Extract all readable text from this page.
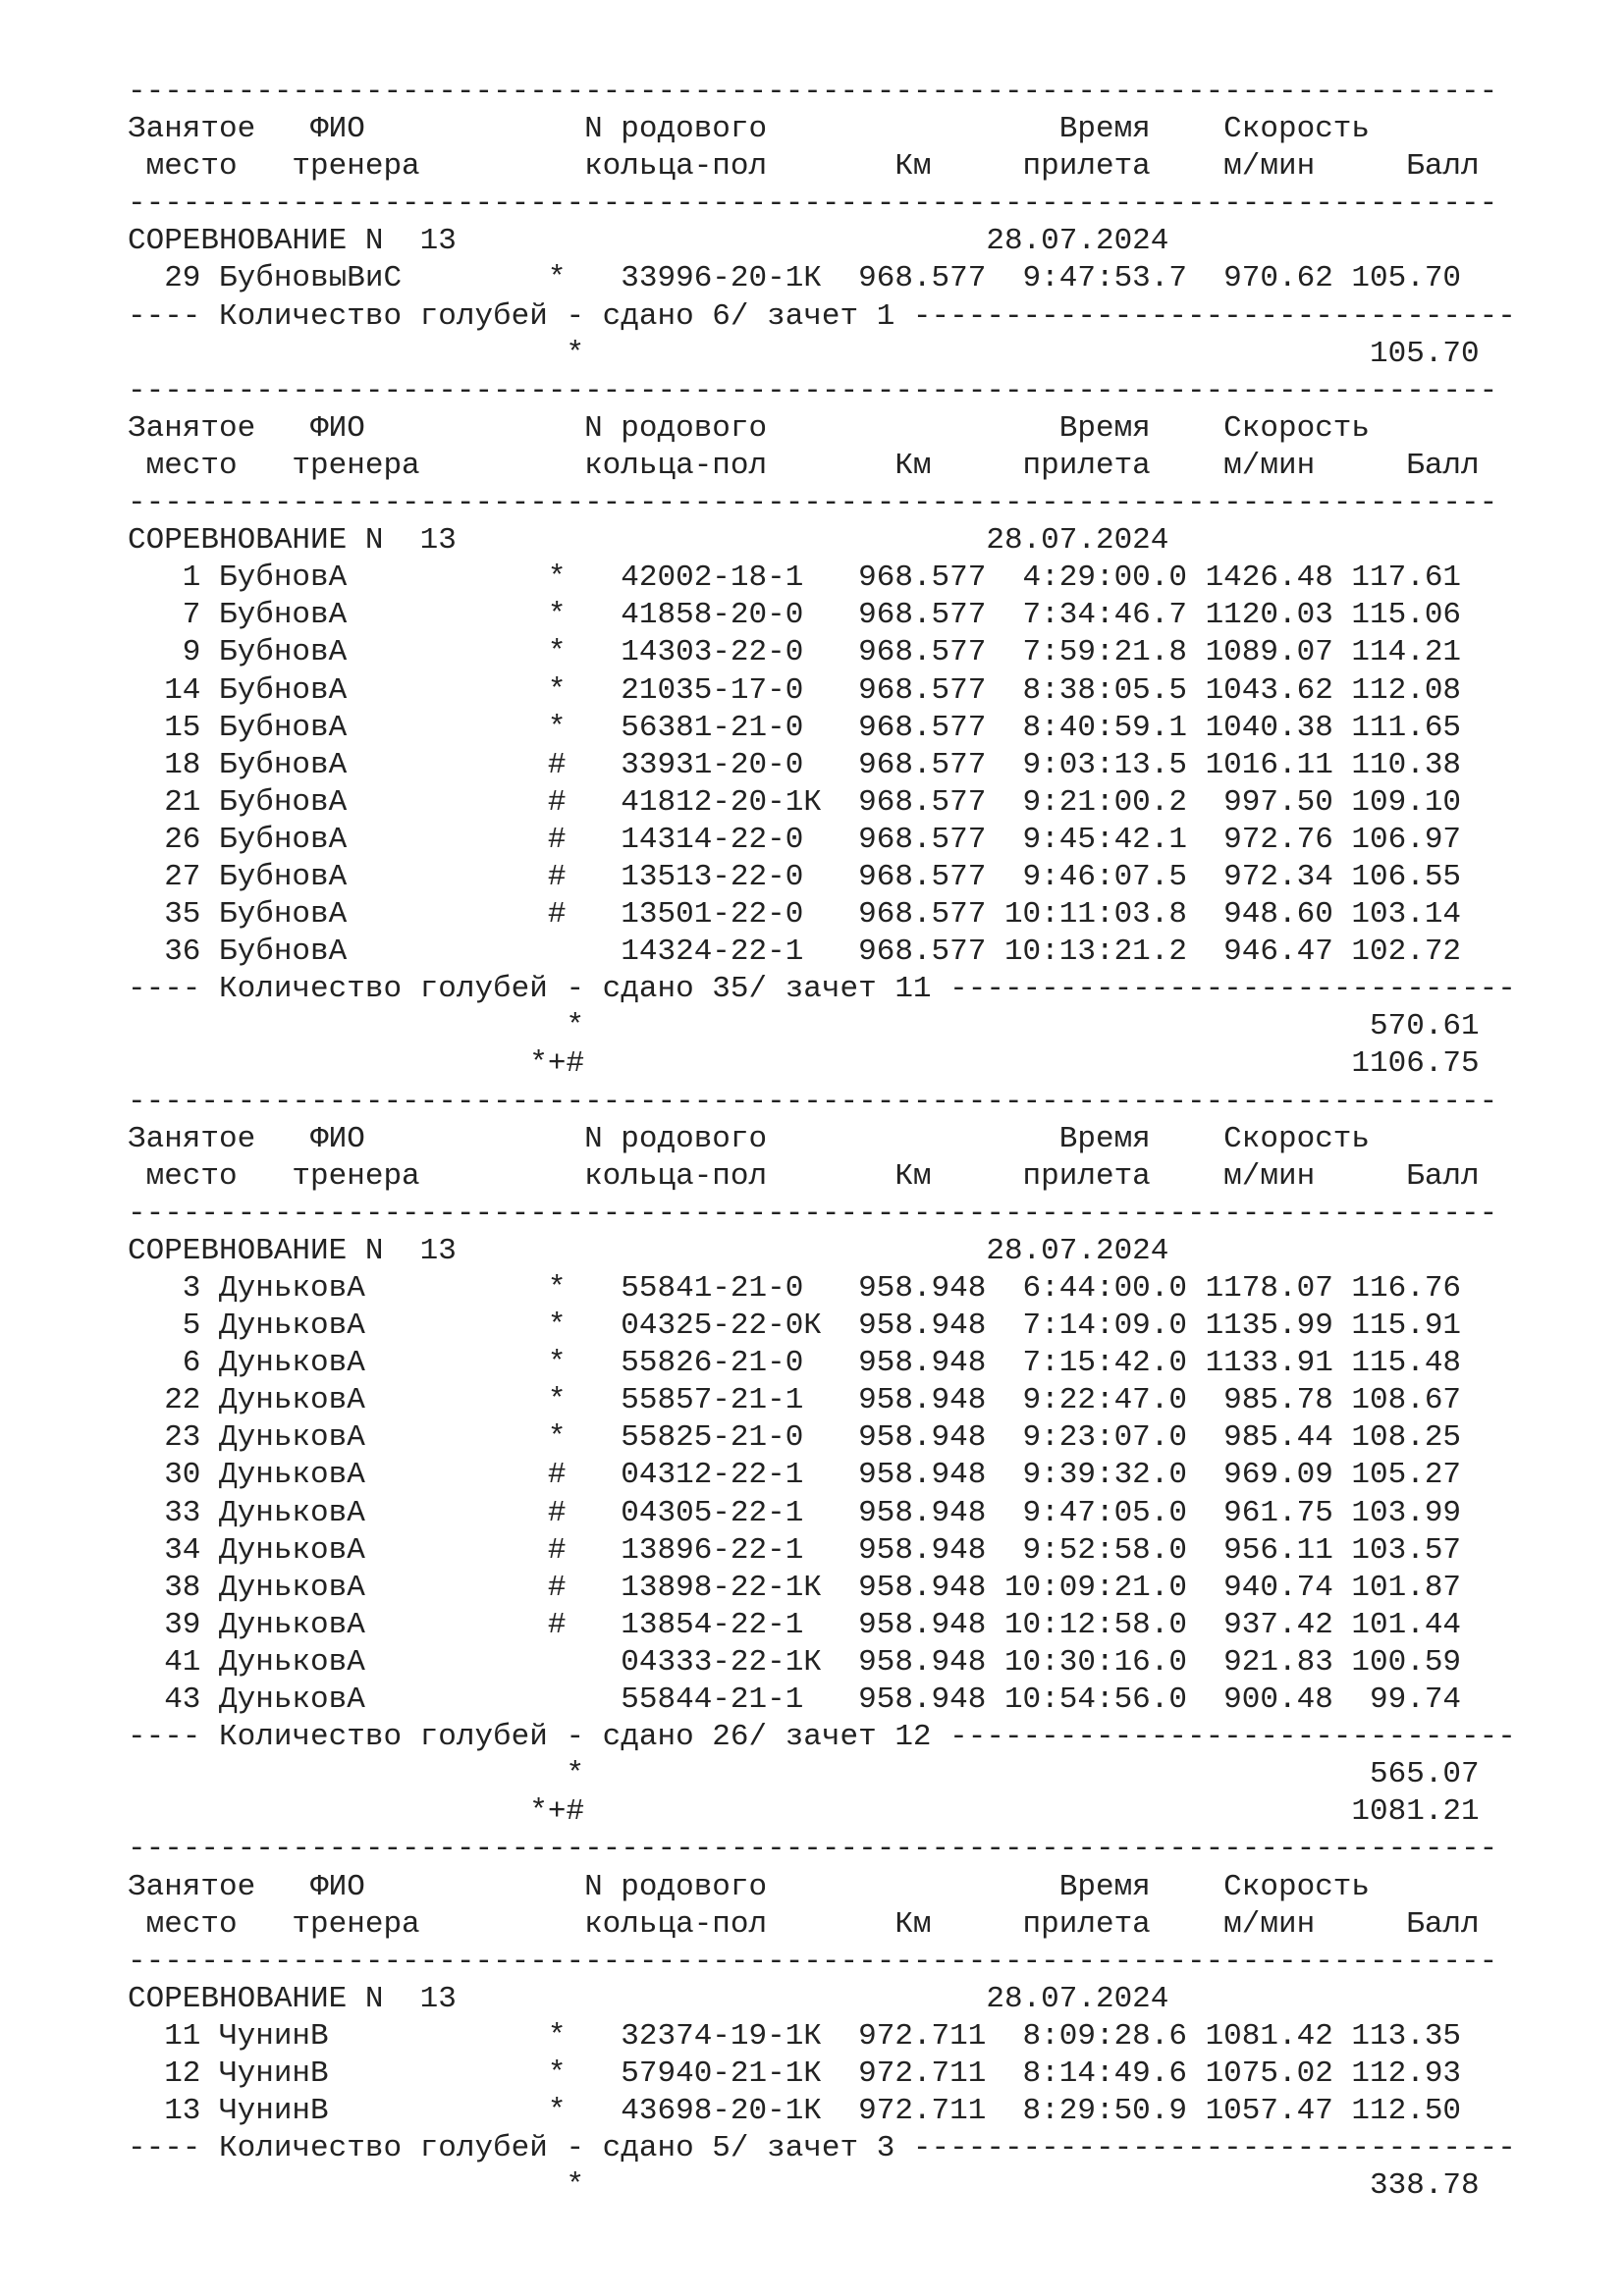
---------------------------------------------------------------------------
Занятое   ФИО            N родового                Время    Скорость
место   тренера         кольца-пол       Км     прилета    м/мин     Балл
---------------------------------------------------------------------------
СОРЕВНОВАНИЕ N  13                             28.07.2024
29 БубновыВиС        *   33996-20-1К  968.577  9:47:53.7  970.62 105.70
---- Количество голубей - сдано 6/ зачет 1 ---------------------------------
*                                           105.70
---------------------------------------------------------------------------
Занятое   ФИО            N родового                Время    Скорость
место   тренера         кольца-пол       Км     прилета    м/мин     Балл
---------------------------------------------------------------------------
СОРЕВНОВАНИЕ N  13                             28.07.2024
1 БубновА           *   42002-18-1   968.577  4:29:00.0 1426.48 117.61
7 БубновА           *   41858-20-0   968.577  7:34:46.7 1120.03 115.06
9 БубновА           *   14303-22-0   968.577  7:59:21.8 1089.07 114.21
14 БубновА           *   21035-17-0   968.577  8:38:05.5 1043.62 112.08
15 БубновА           *   56381-21-0   968.577  8:40:59.1 1040.38 111.65
18 БубновА           #   33931-20-0   968.577  9:03:13.5 1016.11 110.38
21 БубновА           #   41812-20-1К  968.577  9:21:00.2  997.50 109.10
26 БубновА           #   14314-22-0   968.577  9:45:42.1  972.76 106.97
27 БубновА           #   13513-22-0   968.577  9:46:07.5  972.34 106.55
35 БубновА           #   13501-22-0   968.577 10:11:03.8  948.60 103.14
36 БубновА               14324-22-1   968.577 10:13:21.2  946.47 102.72
---- Количество голубей - сдано 35/ зачет 11 -------------------------------
*                                           570.61
*+#                                          1106.75
---------------------------------------------------------------------------
Занятое   ФИО            N родового                Время    Скорость
место   тренера         кольца-пол       Км     прилета    м/мин     Балл
---------------------------------------------------------------------------
СОРЕВНОВАНИЕ N  13                             28.07.2024
3 ДуньковА          *   55841-21-0   958.948  6:44:00.0 1178.07 116.76
5 ДуньковА          *   04325-22-0К  958.948  7:14:09.0 1135.99 115.91
6 ДуньковА          *   55826-21-0   958.948  7:15:42.0 1133.91 115.48
22 ДуньковА          *   55857-21-1   958.948  9:22:47.0  985.78 108.67
23 ДуньковА          *   55825-21-0   958.948  9:23:07.0  985.44 108.25
30 ДуньковА          #   04312-22-1   958.948  9:39:32.0  969.09 105.27
33 ДуньковА          #   04305-22-1   958.948  9:47:05.0  961.75 103.99
34 ДуньковА          #   13896-22-1   958.948  9:52:58.0  956.11 103.57
38 ДуньковА          #   13898-22-1К  958.948 10:09:21.0  940.74 101.87
39 ДуньковА          #   13854-22-1   958.948 10:12:58.0  937.42 101.44
41 ДуньковА              04333-22-1К  958.948 10:30:16.0  921.83 100.59
43 ДуньковА              55844-21-1   958.948 10:54:56.0  900.48  99.74
---- Количество голубей - сдано 26/ зачет 12 -------------------------------
*                                           565.07
*+#                                          1081.21
---------------------------------------------------------------------------
Занятое   ФИО            N родового                Время    Скорость
место   тренера         кольца-пол       Км     прилета    м/мин     Балл
---------------------------------------------------------------------------
СОРЕВНОВАНИЕ N  13                             28.07.2024
11 ЧунинВ            *   32374-19-1К  972.711  8:09:28.6 1081.42 113.35
12 ЧунинВ            *   57940-21-1К  972.711  8:14:49.6 1075.02 112.93
13 ЧунинВ            *   43698-20-1К  972.711  8:29:50.9 1057.47 112.50
---- Количество голубей - сдано 5/ зачет 3 ---------------------------------
*                                           338.78
